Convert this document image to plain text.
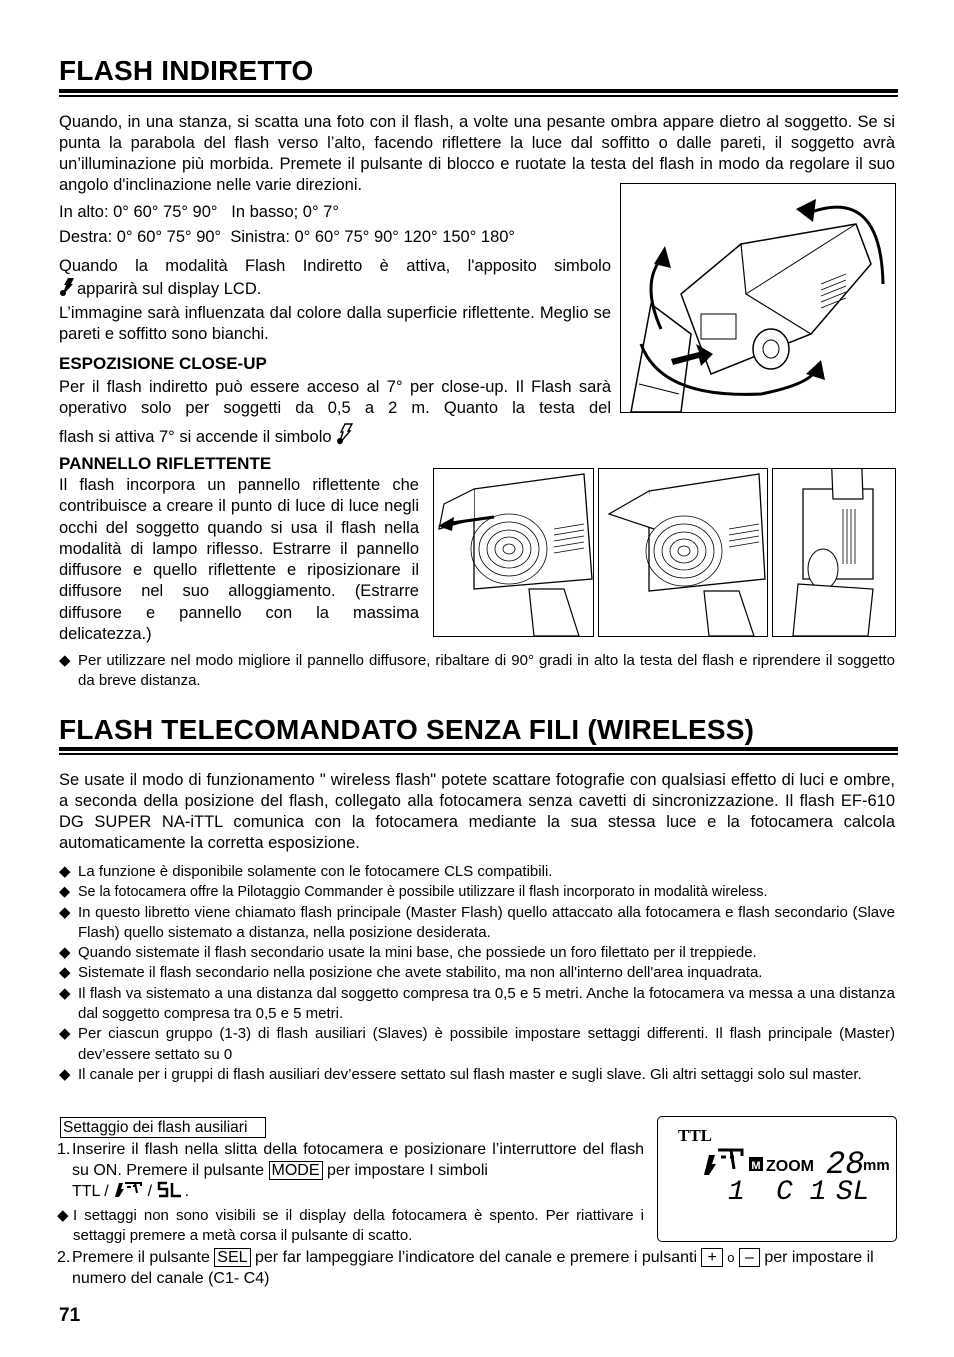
FLASH INDIRETTO
Quando, in una stanza, si scatta una foto con il flash, a volte una pesante ombra appare dietro al soggetto. Se si punta la parabola del flash verso l’alto, facendo riflettere la luce dal soffitto o dalle pareti, il soggetto avrà un’illuminazione più morbida. Premete il pulsante di blocco e ruotate la testa del flash in modo da regolare il suo angolo d'inclinazione nelle varie direzioni.
In alto: 0° 60° 75° 90° In basso; 0° 7°
Destra: 0° 60° 75° 90° Sinistra: 0° 60° 75° 90° 120° 150° 180°
Quando la modalità Flash Indiretto è attiva, l'apposito simbolo
apparirà sul display LCD.
L’immagine sarà influenzata dal colore dalla superficie riflettente. Meglio se pareti e soffitto sono bianchi.
ESPOZISIONE CLOSE-UP
Per il flash indiretto può essere acceso al 7° per close-up. Il Flash sarà operativo solo per soggetti da 0,5 a 2 m. Quanto la testa del
flash si attiva 7° si accende il simbolo
PANNELLO RIFLETTENTE
Il flash incorpora un pannello riflettente che contribuisce a creare il punto di luce di luce negli occhi del soggetto quando si usa il flash nella modalità di lampo riflesso. Estrarre il pannello diffusore e quello riflettente e riposizionare il diffusore nel suo alloggiamento. (Estrarre diffusore e pannello con la massima delicatezza.)
◆ Per utilizzare nel modo migliore il pannello diffusore, ribaltare di 90° gradi in alto la testa del flash e riprendere il soggetto da breve distanza.
FLASH TELECOMANDATO SENZA FILI (WIRELESS)
Se usate il modo di funzionamento " wireless flash" potete scattare fotografie con qualsiasi effetto di luci e ombre, a seconda della posizione del flash, collegato alla fotocamera senza cavetti di sincronizzazione. Il flash EF-610 DG SUPER NA-iTTL comunica con la fotocamera mediante la sua stessa luce e la fotocamera calcola automaticamente la corretta esposizione.
◆ La funzione è disponibile solamente con le fotocamere CLS compatibili.
◆ Se la fotocamera offre la Pilotaggio Commander è possibile utilizzare il flash incorporato in modalità wireless.
◆ In questo libretto viene chiamato flash principale (Master Flash) quello attaccato alla fotocamera e flash secondario (Slave Flash) quello sistemato a distanza, nella posizione desiderata.
◆ Quando sistemate il flash secondario usate la mini base, che possiede un foro filettato per il treppiede.
◆ Sistemate il flash secondario nella posizione che avete stabilito, ma non all'interno dell'area inquadrata.
◆ Il flash va sistemato a una distanza dal soggetto compresa tra 0,5 e 5 metri. Anche la fotocamera va messa a una distanza dal soggetto compresa tra 0,5 e 5 metri.
◆ Per ciascun gruppo (1-3) di flash ausiliari (Slaves) è possibile impostare settaggi differenti. Il flash principale (Master) dev’essere settato su 0
◆ Il canale per i gruppi di flash ausiliari dev’essere settato sul flash master e sugli slave. Gli altri settaggi solo sul master.
Settaggio dei flash ausiliari
1. Inserire il flash nella slitta della fotocamera e posizionare l’interruttore del flash su ON. Premere il pulsante MODE per impostare I simboli
TTL / / .
◆ I settaggi non sono visibili se il display della fotocamera è spento. Per riattivare i settaggi premere a metà corsa il pulsante di scatto.
TTL
M ZOOM 28
mm
1 C 1 SL
2. Premere il pulsante SEL per far lampeggiare l’indicatore del canale e premere i pulsanti + o – per impostare il numero del canale (C1- C4)
71
